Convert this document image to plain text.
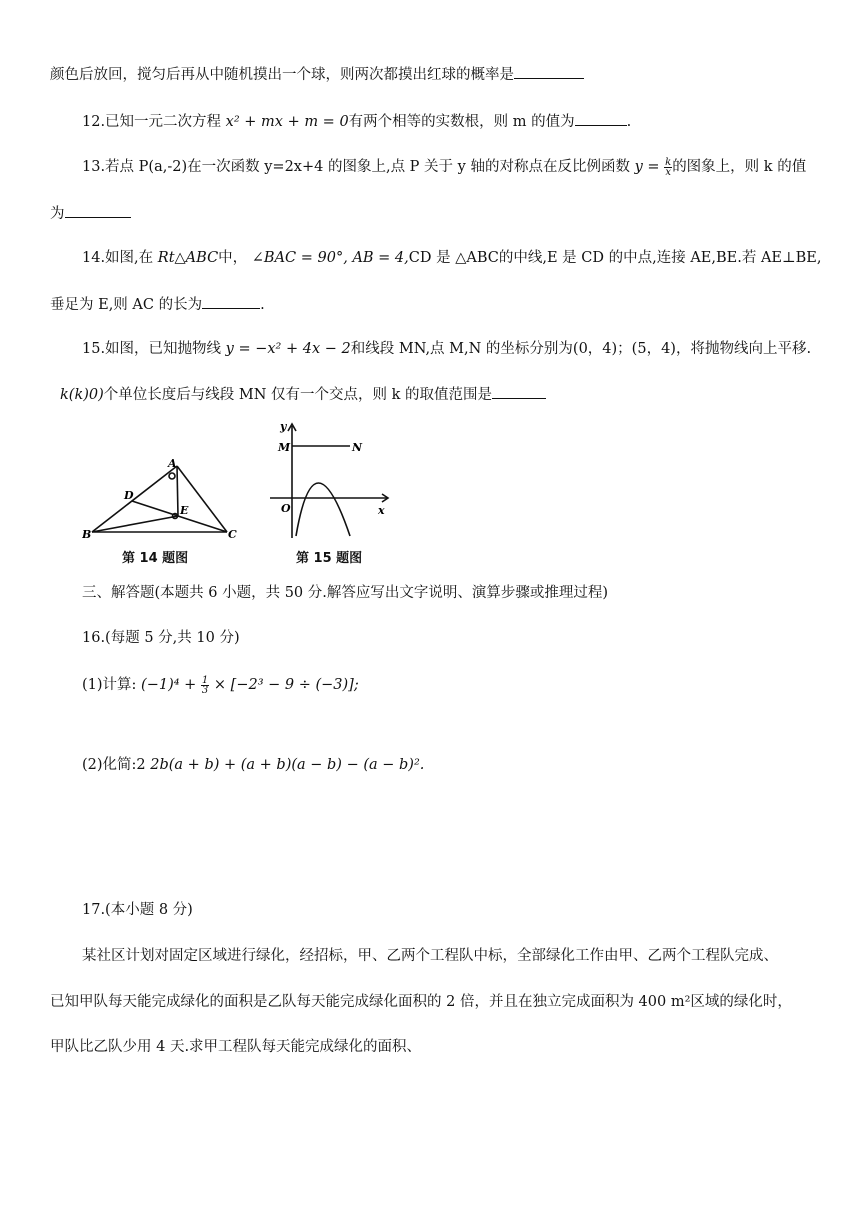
颜色后放回，搅匀后再从中随机摸出一个球，则两次都摸出红球的概率是
12.已知一元二次方程 x² + mx + m = 0有两个相等的实数根，则 m 的值为	.
13.若点 P(a,-2)在一次函数 y=2x+4 的图象上,点 P 关于 y 轴的对称点在反比例函数 $y = \frac{k}{x}$ 的图象上，则 k 的值
为
14.如图,在 Rt△ABC中， ∠BAC = 90°, AB = 4,CD 是 △ABC的中线,E 是 CD 的中点,连接 AE,BE.若 AE⊥BE,
垂足为 E,则 AC 的长为	.
15.如图，已知抛物线 y = −x² + 4x − 2和线段 MN,点 M,N 的坐标分别为(0，4)；(5，4)，将抛物线向上平移.
k(k)0)个单位长度后与线段 MN 仅有一个交点，则 k 的取值范围是
A
B	C
D
E
第 14 题图
y
x
M	N
O
第 15 题图
三、解答题(本题共 6 小题，共 50 分.解答应写出文字说明、演算步骤或推理过程)
16.(每题 5 分,共 10 分)
(1)计算: $(-1)^4 + \frac{1}{3} \times [-2^3 - 9 \div (-3)]$;
(2)化简:2 2b(a + b) + (a + b)(a − b) − (a − b)².
17.(本小题 8 分)
某社区计划对固定区域进行绿化，经招标，甲、乙两个工程队中标，全部绿化工作由甲、乙两个工程队完成、
已知甲队每天能完成绿化的面积是乙队每天能完成绿化面积的 2 倍，并且在独立完成面积为 400 m²区域的绿化时，
甲队比乙队少用 4 天.求甲工程队每天能完成绿化的面积、
